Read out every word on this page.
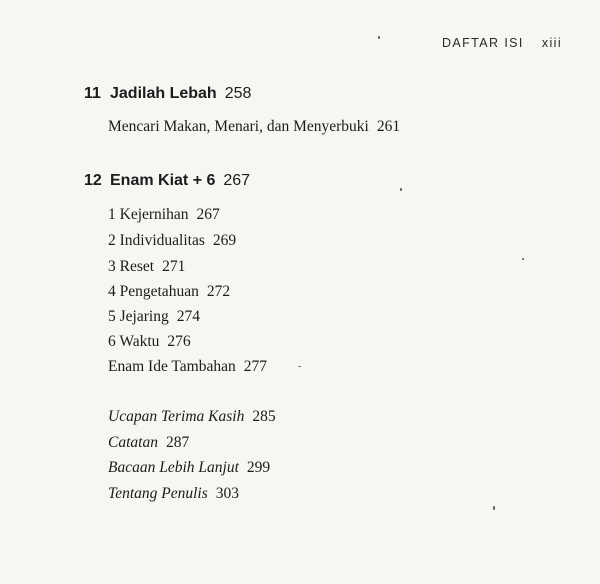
DAFTAR ISI xiii
11 Jadilah Lebah 258
Mencari Makan, Menari, dan Menyerbuki 261
12 Enam Kiat + 6 267
1 Kejernihan 267
2 Individualitas 269
3 Reset 271
4 Pengetahuan 272
5 Jejaring 274
6 Waktu 276
Enam Ide Tambahan 277
Ucapan Terima Kasih 285
Catatan 287
Bacaan Lebih Lanjut 299
Tentang Penulis 303
